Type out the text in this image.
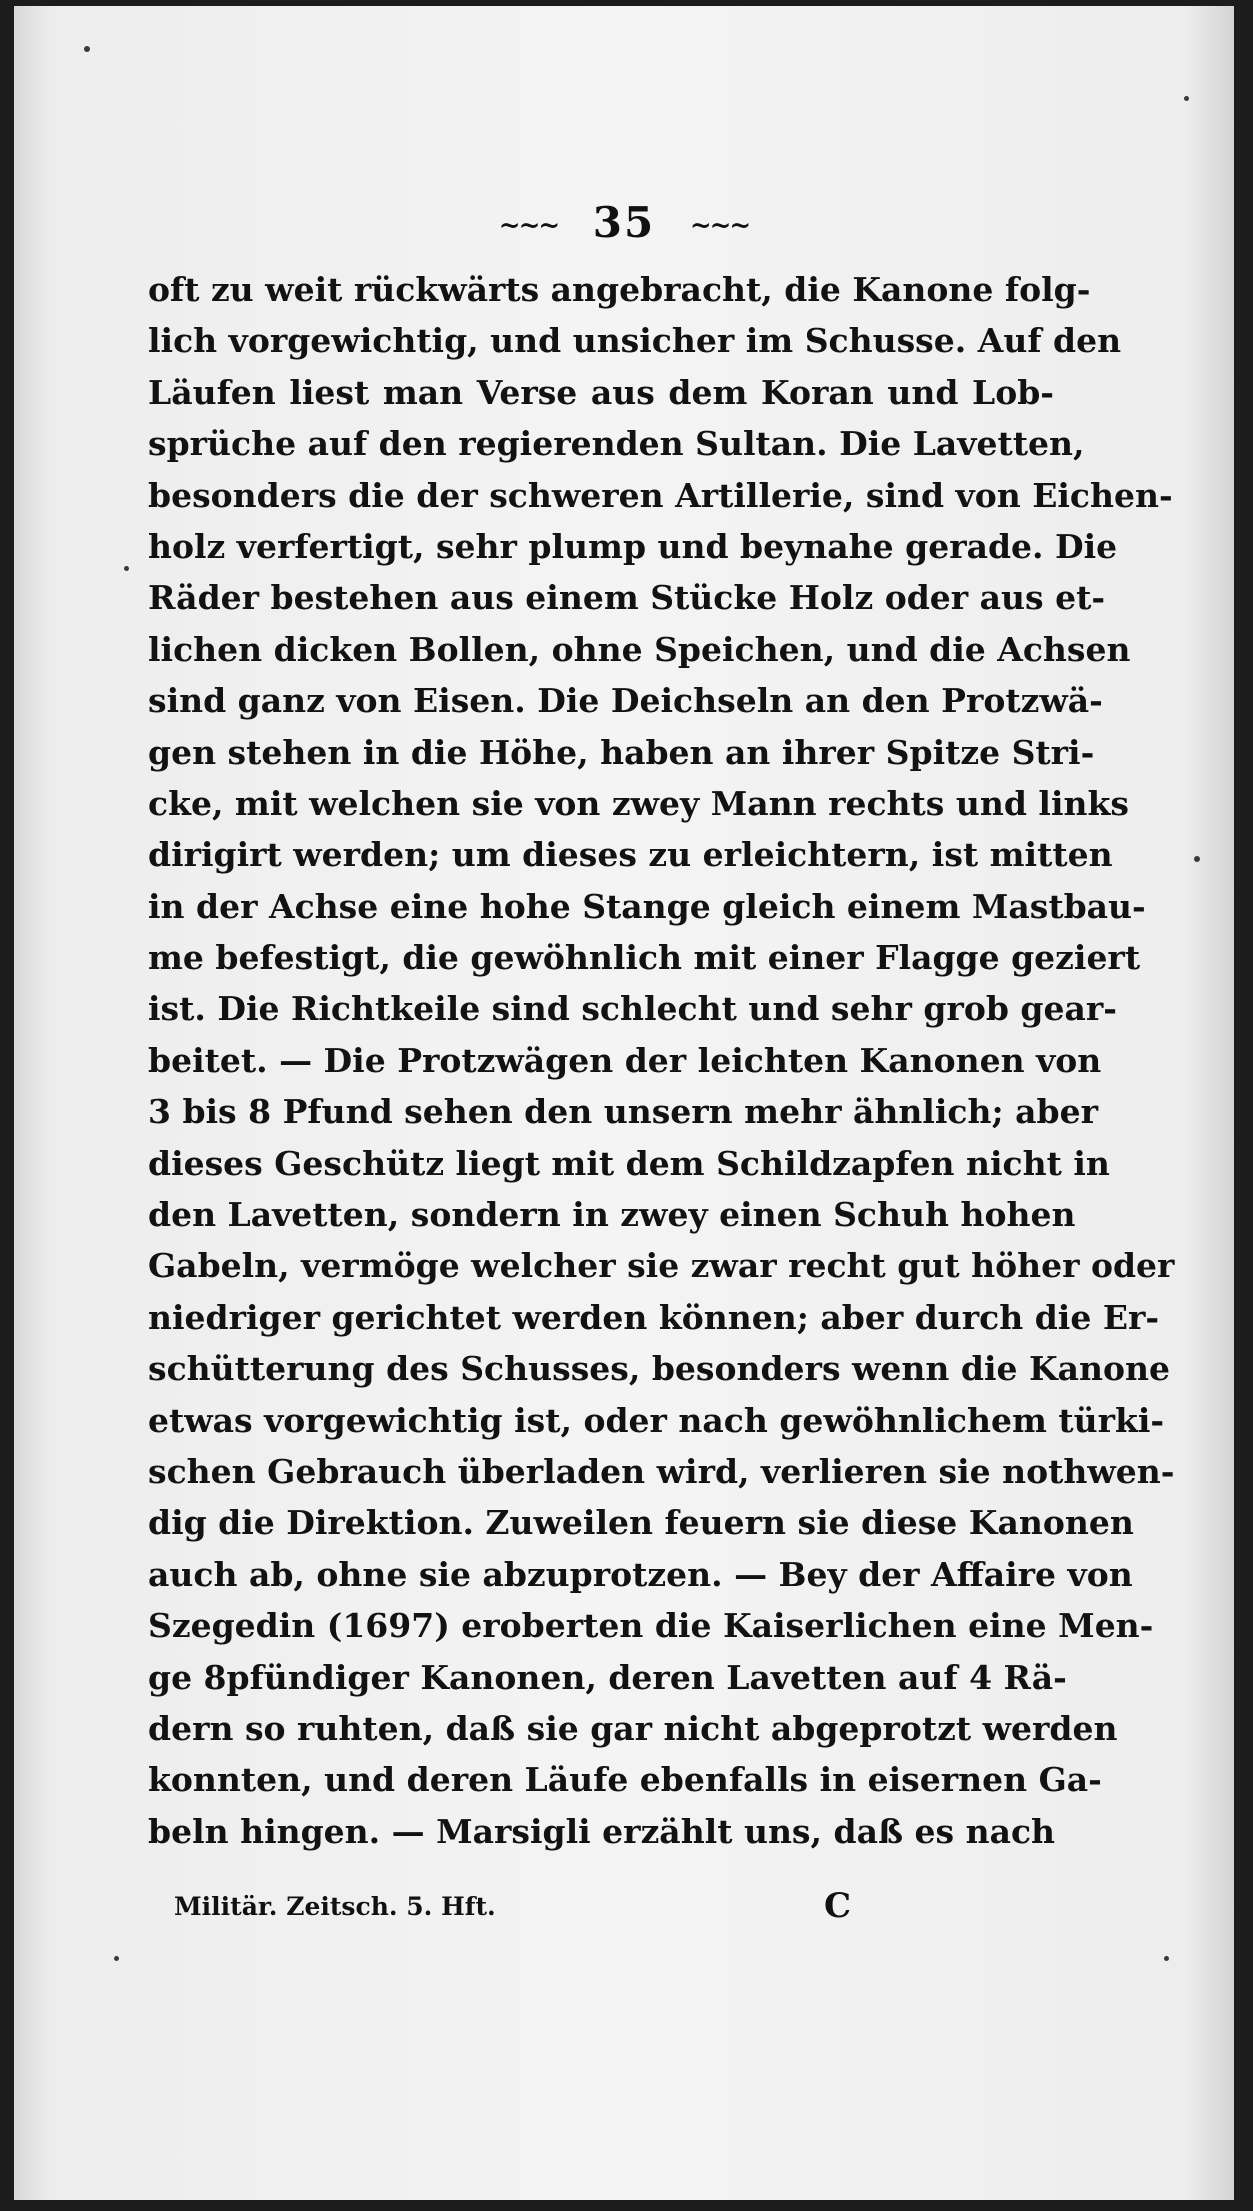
~~~ 35 ~~~
oft zu weit rückwärts angebracht, die Kanone folg-
lich vorgewichtig, und unsicher im Schusse. Auf den
Läufen liest man Verse aus dem Koran und Lob-
sprüche auf den regierenden Sultan. Die Lavetten,
besonders die der schweren Artillerie, sind von Eichen-
holz verfertigt, sehr plump und beynahe gerade. Die
Räder bestehen aus einem Stücke Holz oder aus et-
lichen dicken Bollen, ohne Speichen, und die Achsen
sind ganz von Eisen. Die Deichseln an den Protzwä-
gen stehen in die Höhe, haben an ihrer Spitze Stri-
cke, mit welchen sie von zwey Mann rechts und links
dirigirt werden; um dieses zu erleichtern, ist mitten
in der Achse eine hohe Stange gleich einem Mastbau-
me befestigt, die gewöhnlich mit einer Flagge geziert
ist. Die Richtkeile sind schlecht und sehr grob gear-
beitet. — Die Protzwägen der leichten Kanonen von
3 bis 8 Pfund sehen den unsern mehr ähnlich; aber
dieses Geschütz liegt mit dem Schildzapfen nicht in
den Lavetten, sondern in zwey einen Schuh hohen
Gabeln, vermöge welcher sie zwar recht gut höher oder
niedriger gerichtet werden können; aber durch die Er-
schütterung des Schusses, besonders wenn die Kanone
etwas vorgewichtig ist, oder nach gewöhnlichem türki-
schen Gebrauch überladen wird, verlieren sie nothwen-
dig die Direktion. Zuweilen feuern sie diese Kanonen
auch ab, ohne sie abzuprotzen. — Bey der Affaire von
Szegedin (1697) eroberten die Kaiserlichen eine Men-
ge 8pfündiger Kanonen, deren Lavetten auf 4 Rä-
dern so ruhten, daß sie gar nicht abgeprotzt werden
konnten, und deren Läufe ebenfalls in eisernen Ga-
beln hingen. — Marsigli erzählt uns, daß es nach
Militär. Zeitsch. 5. Hft.	C
